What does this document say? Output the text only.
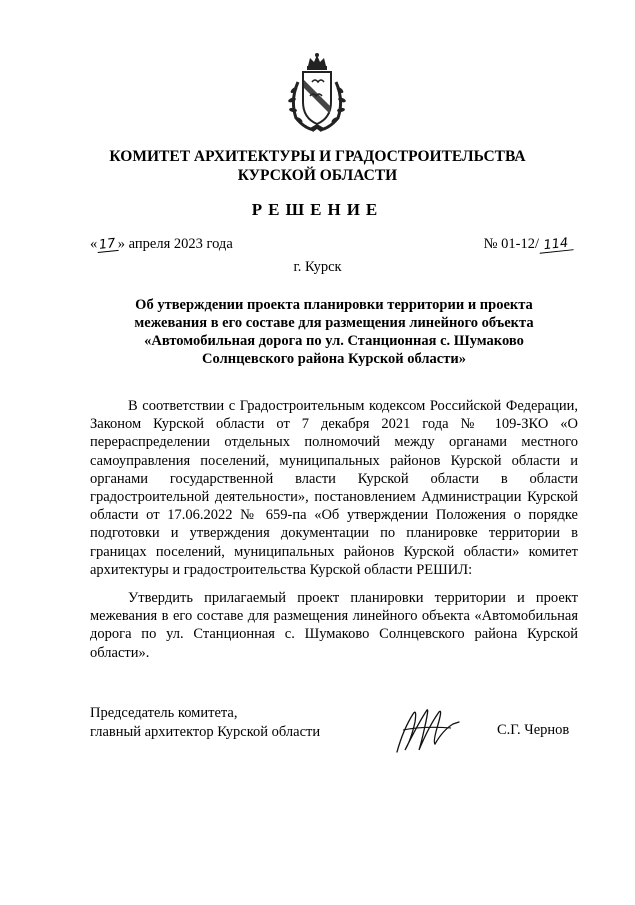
КОМИТЕТ АРХИТЕКТУРЫ И ГРАДОСТРОИТЕЛЬСТВА
КУРСКОЙ ОБЛАСТИ
РЕШЕНИЕ
«17» апреля 2023 года	№ 01-12/ 114
г. Курск
Об утверждении проекта планировки территории и проекта
межевания в его составе для размещения линейного объекта
«Автомобильная дорога по ул. Станционная с. Шумаково
Солнцевского района Курской области»

В соответствии с Градостроительным кодексом Российской Федерации, Законом Курской области от 7 декабря 2021 года № 109-ЗКО «О перераспределении отдельных полномочий между органами местного самоуправления поселений, муниципальных районов Курской области и органами государственной власти Курской области в области градостроительной деятельности», постановлением Администрации Курской области от 17.06.2022 № 659-па «Об утверждении Положения о порядке подготовки и утверждения документации по планировке территории в границах поселений, муниципальных районов Курской области» комитет архитектуры и градостроительства Курской области РЕШИЛ:

Утвердить прилагаемый проект планировки территории и проект межевания в его составе для размещения линейного объекта «Автомобильная дорога по ул. Станционная с. Шумаково Солнцевского района Курской области».

Председатель комитета,
главный архитектор Курской области	С.Г. Чернов
